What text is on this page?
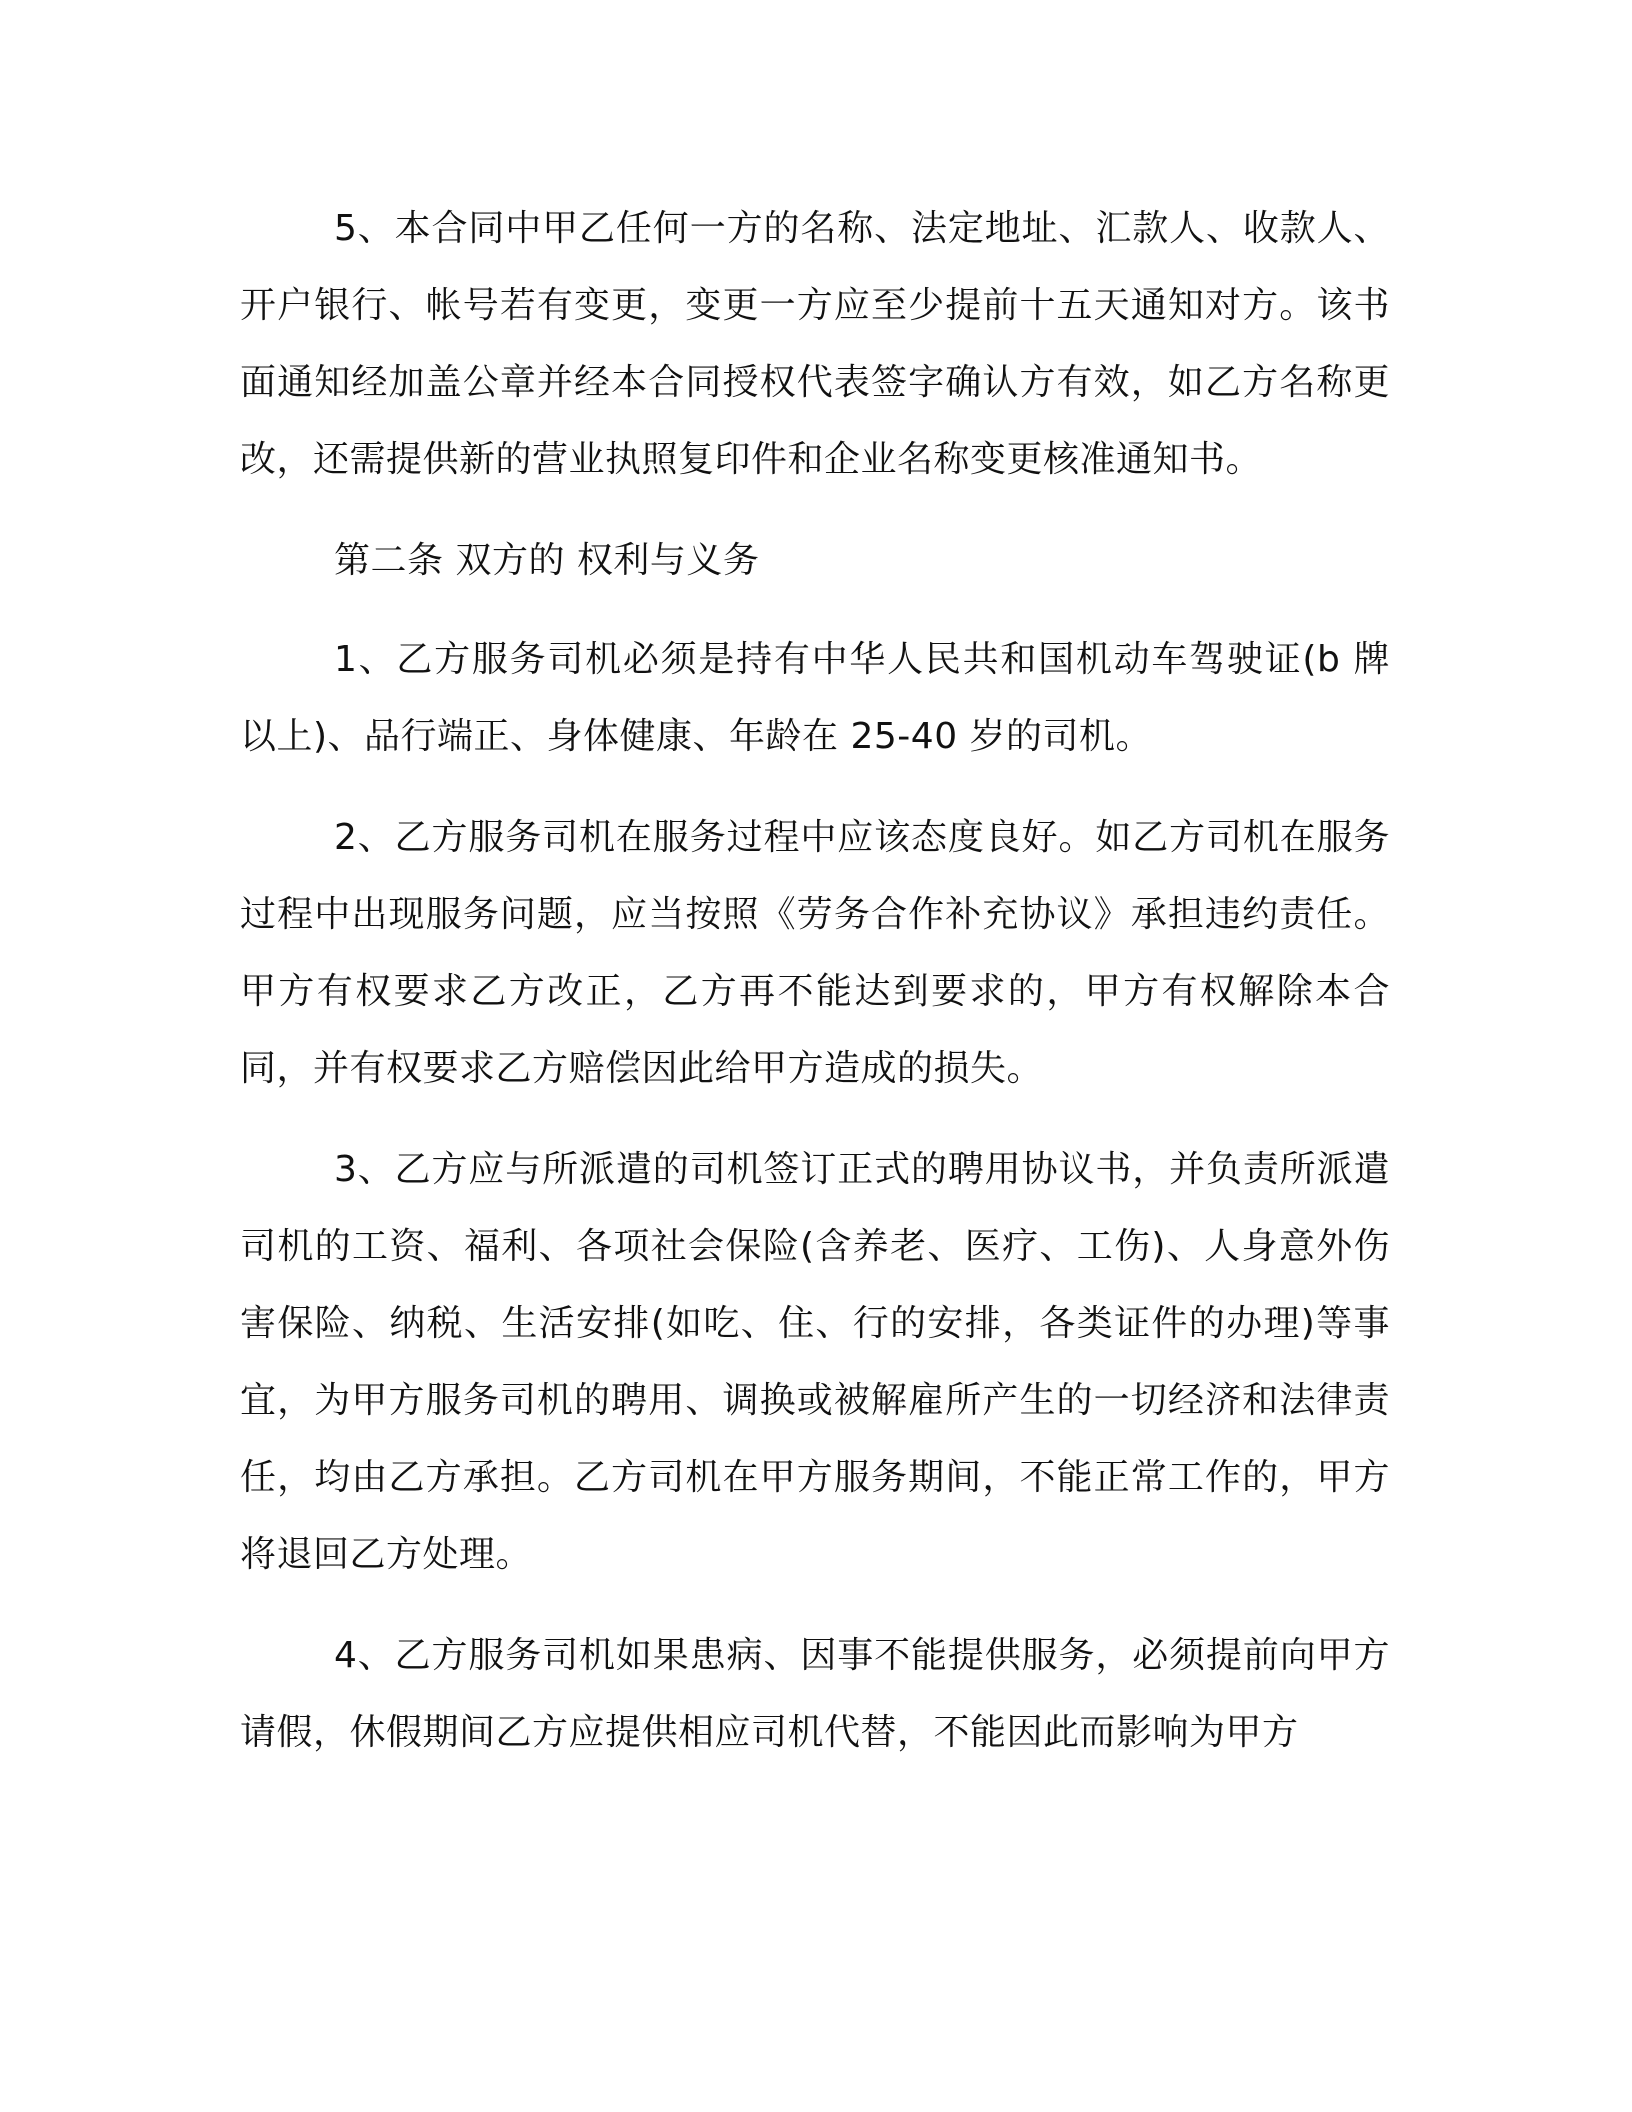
5、本合同中甲乙任何一方的名称、法定地址、汇款人、收款人、开户银行、帐号若有变更，变更一方应至少提前十五天通知对方。该书面通知经加盖公章并经本合同授权代表签字确认方有效，如乙方名称更改，还需提供新的营业执照复印件和企业名称变更核准通知书。

第二条 双方的 权利与义务

1、乙方服务司机必须是持有中华人民共和国机动车驾驶证(b 牌以上)、品行端正、身体健康、年龄在 25-40 岁的司机。

2、乙方服务司机在服务过程中应该态度良好。如乙方司机在服务过程中出现服务问题，应当按照《劳务合作补充协议》承担违约责任。甲方有权要求乙方改正，乙方再不能达到要求的，甲方有权解除本合同，并有权要求乙方赔偿因此给甲方造成的损失。

3、乙方应与所派遣的司机签订正式的聘用协议书，并负责所派遣司机的工资、福利、各项社会保险(含养老、医疗、工伤)、人身意外伤害保险、纳税、生活安排(如吃、住、行的安排，各类证件的办理)等事宜，为甲方服务司机的聘用、调换或被解雇所产生的一切经济和法律责任，均由乙方承担。乙方司机在甲方服务期间，不能正常工作的，甲方将退回乙方处理。

4、乙方服务司机如果患病、因事不能提供服务，必须提前向甲方请假，休假期间乙方应提供相应司机代替，不能因此而影响为甲方
